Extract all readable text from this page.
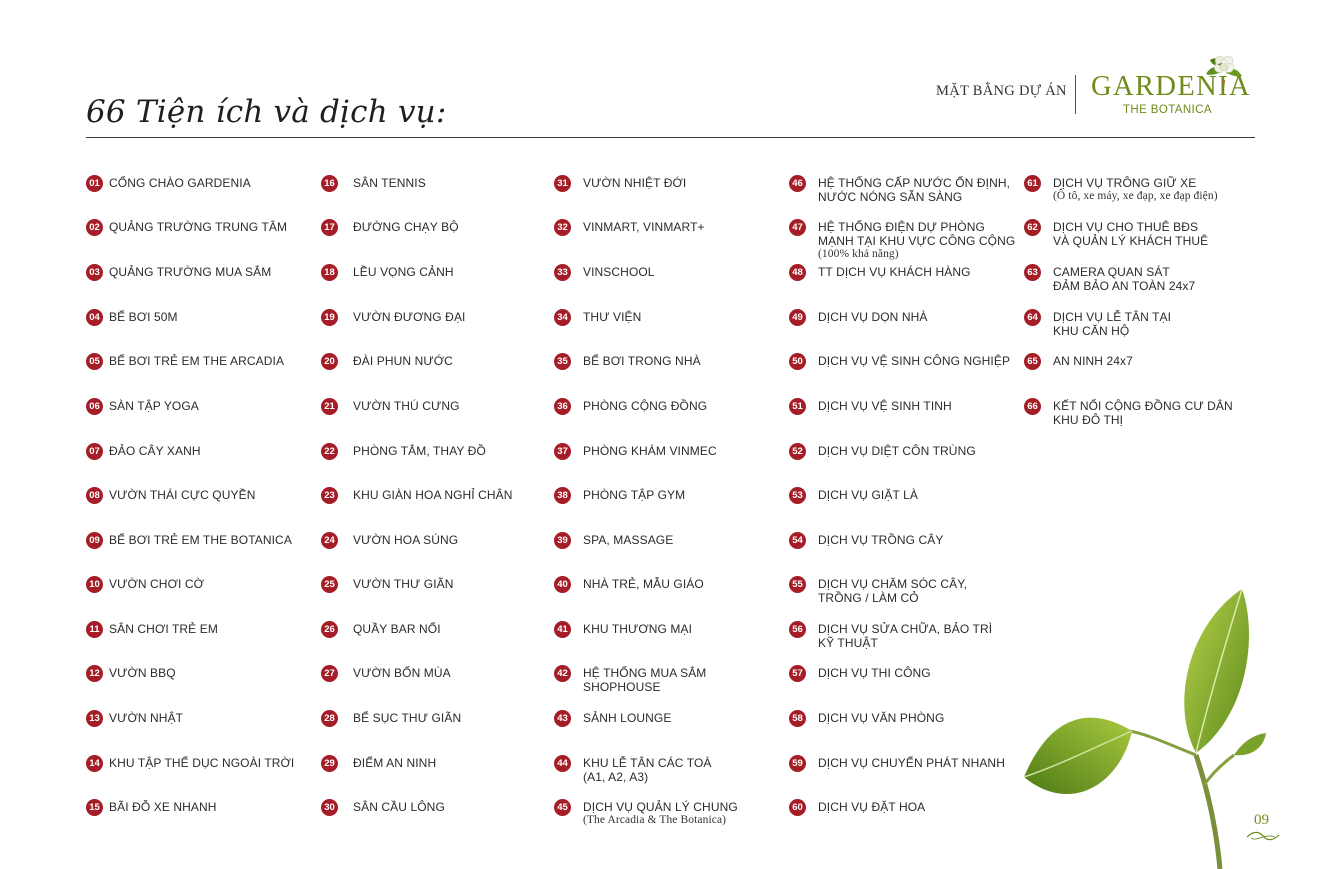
66 Tiện ích và dịch vụ:
MẶT BẰNG DỰ ÁN GARDENIA
THE BOTANICA
01 CỔNG CHÀO GARDENIA
02 QUẢNG TRƯỜNG TRUNG TÂM
03 QUẢNG TRƯỜNG MUA SẮM
04 BỂ BƠI 50M
05 BỂ BƠI TRẺ EM THE ARCADIA
06 SÀN TẬP YOGA
07 ĐẢO CÂY XANH
08 VƯỜN THÁI CỰC QUYỀN
09 BỂ BƠI TRẺ EM THE BOTANICA
10 VƯỜN CHƠI CỜ
11 SÂN CHƠI TRẺ EM
12 VƯỜN BBQ
13 VƯỜN NHẬT
14 KHU TẬP THỂ DỤC NGOÀI TRỜI
15 BÃI ĐỖ XE NHANH
16 SÂN TENNIS
17 ĐƯỜNG CHẠY BỘ
18 LỀU VỌNG CẢNH
19 VƯỜN ĐƯƠNG ĐẠI
20 ĐÀI PHUN NƯỚC
21 VƯỜN THÚ CƯNG
22 PHÒNG TẮM, THAY ĐỒ
23 KHU GIÀN HOA NGHỈ CHÂN
24 VƯỜN HOA SÚNG
25 VƯỜN THƯ GIÃN
26 QUẦY BAR NỔI
27 VƯỜN BỐN MÙA
28 BỂ SỤC THƯ GIÃN
29 ĐIỂM AN NINH
30 SÂN CẦU LÔNG
31 VƯỜN NHIỆT ĐỚI
32 VINMART, VINMART+
33 VINSCHOOL
34 THƯ VIỆN
35 BỂ BƠI TRONG NHÀ
36 PHÒNG CỘNG ĐỒNG
37 PHÒNG KHÁM VINMEC
38 PHÒNG TẬP GYM
39 SPA, MASSAGE
40 NHÀ TRẺ, MẪU GIÁO
41 KHU THƯƠNG MẠI
42 HỆ THỐNG MUA SẮM
SHOPHOUSE
43 SẢNH LOUNGE
44 KHU LỄ TÂN CÁC TOÀ
(A1, A2, A3)
45 DỊCH VỤ QUẢN LÝ CHUNG
(The Arcadia & The Botanica)
46 HỆ THỐNG CẤP NƯỚC ỔN ĐỊNH,
NƯỚC NÓNG SẴN SÀNG
47 HỆ THỐNG ĐIỆN DỰ PHÒNG
MẠNH TẠI KHU VỰC CÔNG CỘNG
(100% khả năng)
48 TT DỊCH VỤ KHÁCH HÀNG
49 DỊCH VỤ DỌN NHÀ
50 DỊCH VỤ VỆ SINH CÔNG NGHIỆP
51 DỊCH VỤ VỆ SINH TINH
52 DỊCH VỤ DIỆT CÔN TRÙNG
53 DỊCH VỤ GIẶT LÀ
54 DỊCH VỤ TRỒNG CÂY
55 DỊCH VỤ CHĂM SÓC CÂY,
TRỒNG / LÀM CỎ
56 DỊCH VỤ SỬA CHỮA, BẢO TRÌ
KỸ THUẬT
57 DỊCH VỤ THI CÔNG
58 DỊCH VỤ VĂN PHÒNG
59 DỊCH VỤ CHUYỂN PHÁT NHANH
60 DỊCH VỤ ĐẶT HOA
61 DỊCH VỤ TRÔNG GIỮ XE
(Ô tô, xe máy, xe đạp, xe đạp điện)
62 DỊCH VỤ CHO THUÊ BĐS
VÀ QUẢN LÝ KHÁCH THUÊ
63 CAMERA QUAN SÁT
ĐẢM BẢO AN TOÀN 24x7
64 DỊCH VỤ LỄ TÂN TẠI
KHU CĂN HỘ
65 AN NINH 24x7
66 KẾT NỐI CỘNG ĐỒNG CƯ DÂN
KHU ĐÔ THỊ
09
